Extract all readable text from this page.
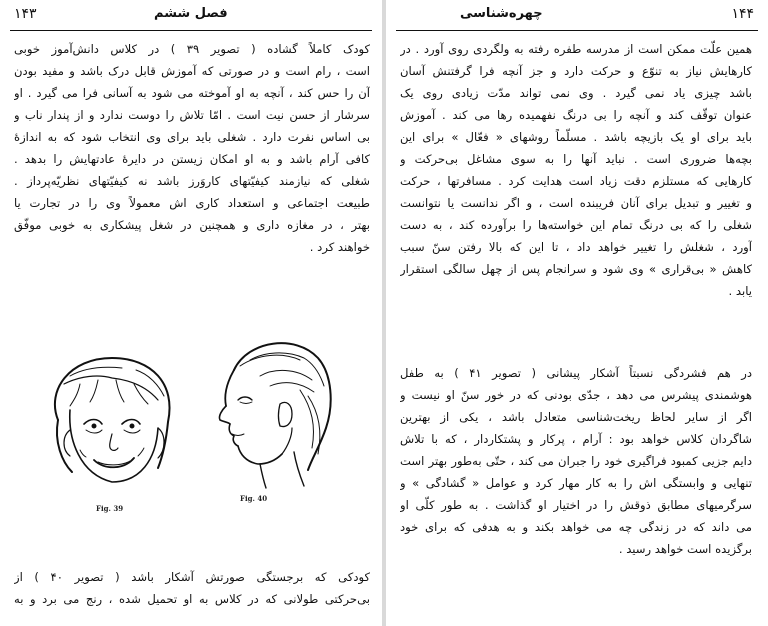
۱۴۳	فصل ششم
کودک کاملاً گشاده ( تصویر ۳۹ ) در کلاس دانش‌آموز خوبی
است ، رام است و در صورتی که آموزش قابل درک باشد و مفید بودن
آن را حس کند ، آنچه به او آموخته می شود به آسانی فرا می گیرد . او
سرشار از حسن نیت است . امّا تلاش را دوست ندارد و از پندار ناب و
بی اساس نفرت دارد . شغلی باید برای وی انتخاب شود که به اندازهٔ
کافی آرام باشد و به او امکان زیستن در دایرهٔ عادتهایش را بدهد .
شغلی که نیازمند کیفیّتهای کاروَرز باشد نه کیفیّتهای نظریّه‌پرداز .
طبیعت اجتماعی و استعداد کاری اش معمولاً وی را در تجارت یا
بهتر ، در مغازه داری و همچنین در شغل پیشکاری به خوبی موفّق
خواهند کرد .
Fig. 39
Fig. 40
کودکی که برجستگی صورتش آشکار باشد ( تصویر ۴۰ ) از
بی‌حرکتی طولانی که در کلاس به او تحمیل شده ، رنج می برد و به
۱۴۴
چهره‌شناسی
همین علّت ممکن است از مدرسه طفره رفته به ولگردی روی آورد . در
کارهایش نیاز به تنوّع و حرکت دارد و جز آنچه فرا گرفتنش آسان
باشد چیزی یاد نمی گیرد . وی نمی تواند مدّت زیادی روی یک
عنوان توقّف کند و آنچه را بی درنگ نفهمیده رها می کند . آموزش
باید برای او یک بازیچه باشد . مسلّماً روشهای « فعّال » برای این
بچه‌ها ضروری است . نباید آنها را به سوی مشاغل بی‌حرکت و
کارهایی که مستلزم دقت زیاد است هدایت کرد . مسافرتها ، حرکت
و تغییر و تبدیل برای آنان فریبنده است ، و اگر ندانست یا نتوانست
شغلی را که بی درنگ تمام این خواسته‌ها را برآورده کند ، به دست
آورد ، شغلش را تغییر خواهد داد ، تا این که بالا رفتن سنّ سبب
کاهش « بی‌قراری » وی شود و سرانجام پس از چهل سالگی استقرار
یابد .
در هم فشردگی نسبتاً آشکار پیشانی ( تصویر ۴۱ ) به طفل
هوشمندی پیشرس می دهد ، جدّی بودنی که در خور سنّ او نیست و
اگر از سایر لحاظ ریخت‌شناسی متعادل باشد ، یکی از بهترین
شاگردان کلاس خواهد بود : آرام ، پرکار و پشتکاردار ، که با تلاش
دایم جزیی کمبود فراگیری خود را جبران می کند ، حتّی به‌طور بهتر است
تنهایی و وابستگی اش را به کار مهار کرد و عوامل « گشادگی » و
سرگرمیهای مطابق ذوقش را در اختیار او گذاشت . به طور کلّی او
می داند که در زندگی چه می خواهد بکند و به هدفی که برای خود
برگزیده است خواهد رسید .
